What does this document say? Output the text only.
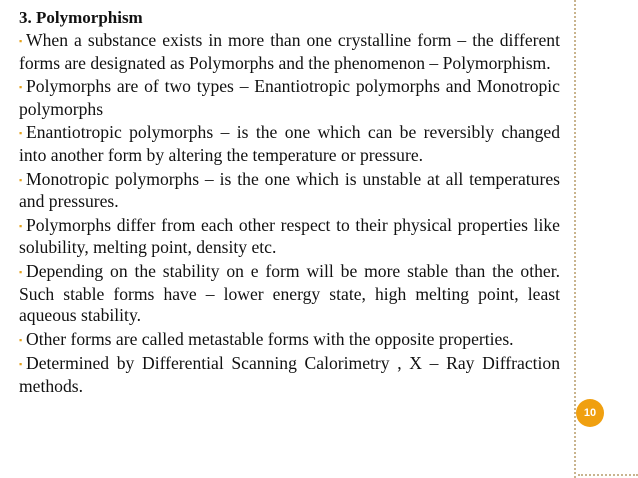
3. Polymorphism

▪ When a substance exists in more than one crystalline form – the different forms are designated as Polymorphs and the phenomenon – Polymorphism.

▪ Polymorphs are of two types – Enantiotropic polymorphs and Monotropic polymorphs

▪ Enantiotropic polymorphs – is the one which can be reversibly changed into another form by altering the temperature or pressure.

▪ Monotropic polymorphs – is the one which is unstable at all temperatures and pressures.

▪ Polymorphs differ from each other respect to their physical properties like solubility, melting point, density etc.

▪ Depending on the stability on e form will be more stable than the other. Such stable forms have – lower energy state, high melting point, least aqueous stability.

▪ Other forms are called metastable forms with the opposite properties.

▪ Determined by Differential Scanning Calorimetry , X – Ray Diffraction methods.

10
